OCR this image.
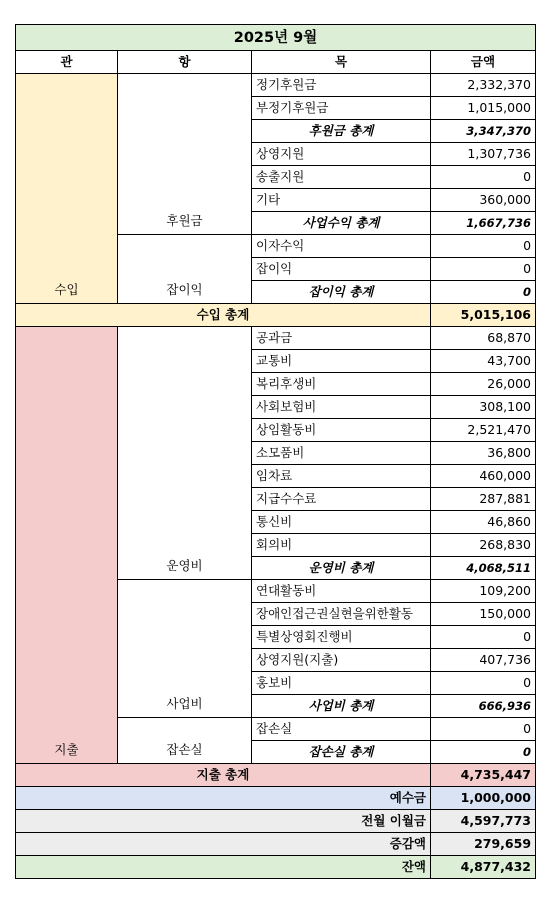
2025년 9월			
관	항	목	금액
수입	후원금	정기후원금	2,332,370
		부정기후원금	1,015,000
		후원금 총계	3,347,370
		상영지원	1,307,736
		송출지원	0
		기타	360,000
		사업수익 총계	1,667,736
	잡이익	이자수익	0
		잡이익	0
		잡이익 총계	0
수입 총계			5,015,106
지출	운영비	공과금	68,870
		교통비	43,700
		복리후생비	26,000
		사회보험비	308,100
		상임활동비	2,521,470
		소모품비	36,800
		임차료	460,000
		지급수수료	287,881
		통신비	46,860
		회의비	268,830
		운영비 총계	4,068,511
	사업비	연대활동비	109,200
		장애인접근권실현을위한활동	150,000
		특별상영회진행비	0
		상영지원(지출)	407,736
		홍보비	0
		사업비 총계	666,936
	잡손실	잡손실	0
		잡손실 총계	0
지출 총계			4,735,447
예수금			1,000,000
전월 이월금			4,597,773
증감액			279,659
잔액			4,877,432
